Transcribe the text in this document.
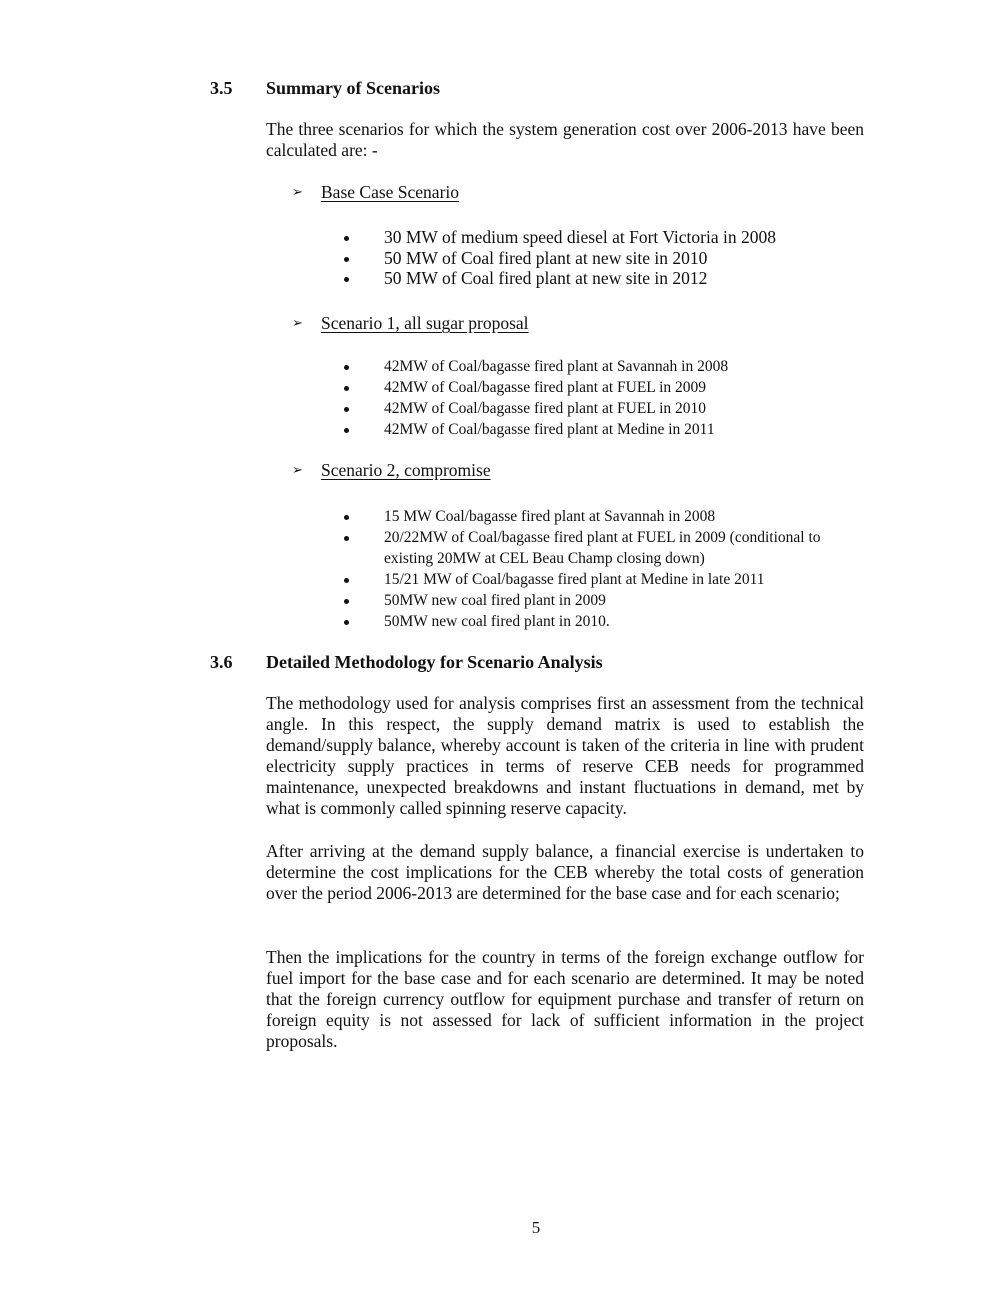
3.5 Summary of Scenarios

The three scenarios for which the system generation cost over 2006-2013 have been calculated are: -

➢ Base Case Scenario
30 MW of medium speed diesel at Fort Victoria in 2008
50 MW of Coal fired plant at new site in 2010
50 MW of Coal fired plant at new site in 2012
➢ Scenario 1, all sugar proposal
42MW of Coal/bagasse fired plant at Savannah in 2008
42MW of Coal/bagasse fired plant at FUEL in 2009
42MW of Coal/bagasse fired plant at FUEL in 2010
42MW of Coal/bagasse fired plant at Medine in 2011
➢ Scenario 2, compromise
15 MW Coal/bagasse fired plant at Savannah in 2008
20/22MW of Coal/bagasse fired plant at FUEL in 2009 (conditional to existing 20MW at CEL Beau Champ closing down)
15/21 MW of Coal/bagasse fired plant at Medine in late 2011
50MW new coal fired plant in 2009
50MW new coal fired plant in 2010.
3.6 Detailed Methodology for Scenario Analysis

The methodology used for analysis comprises first an assessment from the technical angle. In this respect, the supply demand matrix is used to establish the demand/supply balance, whereby account is taken of the criteria in line with prudent electricity supply practices in terms of reserve CEB needs for programmed maintenance, unexpected breakdowns and instant fluctuations in demand, met by what is commonly called spinning reserve capacity.

After arriving at the demand supply balance, a financial exercise is undertaken to determine the cost implications for the CEB whereby the total costs of generation over the period 2006-2013 are determined for the base case and for each scenario;

Then the implications for the country in terms of the foreign exchange outflow for fuel import for the base case and for each scenario are determined. It may be noted that the foreign currency outflow for equipment purchase and transfer of return on foreign equity is not assessed for lack of sufficient information in the project proposals.

5
